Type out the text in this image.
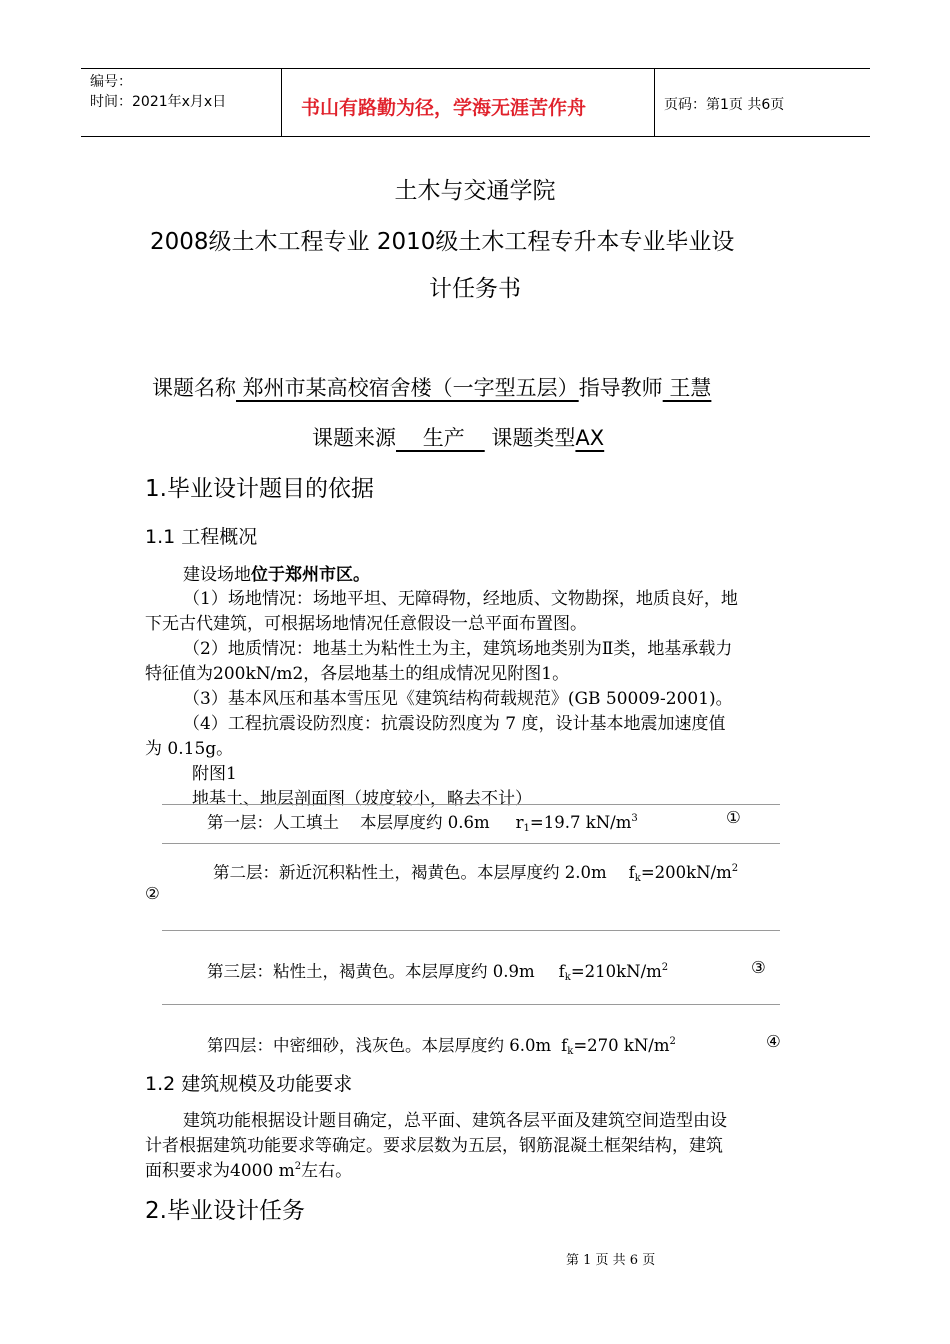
编号：
时间：2021年x月x日	书山有路勤为径，学海无涯苦作舟	页码：第1页 共6页
土木与交通学院
2008级土木工程专业 2010级土木工程专升本专业毕业设
计任务书
课题名称 郑州市某高校宿舍楼（一字型五层）指导教师 王慧
课题来源    生产    课题类型AX
1.毕业设计题目的依据
1.1 工程概况
建设场地位于郑州市区。
（1）场地情况：场地平坦、无障碍物，经地质、文物勘探，地质良好，地
下无古代建筑，可根据场地情况任意假设一总平面布置图。
（2）地质情况：地基土为粘性土为主，建筑场地类别为Ⅱ类，地基承载力
特征值为200kN/m2，各层地基土的组成情况见附图1。
（3）基本风压和基本雪压见《建筑结构荷载规范》(GB 50009-2001)。
（4）工程抗震设防烈度：抗震设防烈度为 7 度，设计基本地震加速度值
为 0.15g。
附图1
地基土、地层剖面图（坡度较小，略去不计）
第一层：人工填土    本层厚度约 0.6m $r_1=19.7$ $kN/m^3$	①
第二层：新近沉积粘性土，褐黄色。本层厚度约 2.0m $f_k=200kN/m^2$
②
第三层：粘性土，褐黄色。本层厚度约 0.9m $f_k=210kN/m^2$	③
第四层：中密细砂，浅灰色。本层厚度约 6.0m $f_k=270$ $kN/m^2$	④
1.2 建筑规模及功能要求
建筑功能根据设计题目确定，总平面、建筑各层平面及建筑空间造型由设
计者根据建筑功能要求等确定。要求层数为五层，钢筋混凝土框架结构，建筑
面积要求为4000 $m^2$左右。
2.毕业设计任务
第 1 页 共 6 页
